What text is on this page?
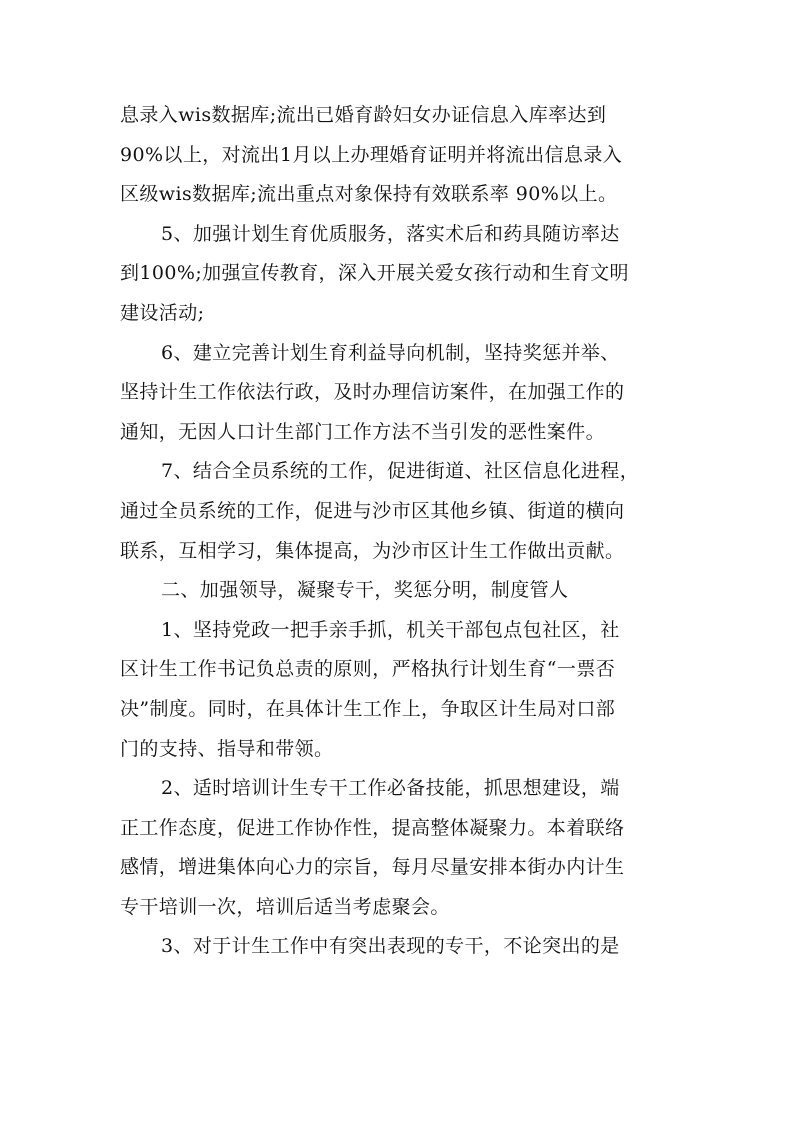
息录入wis数据库;流出已婚育龄妇女办证信息入库率达到
90%以上，对流出1月以上办理婚育证明并将流出信息录入
区级wis数据库;流出重点对象保持有效联系率 90%以上。
5、加强计划生育优质服务，落实术后和药具随访率达
到100%;加强宣传教育，深入开展关爱女孩行动和生育文明
建设活动;
6、建立完善计划生育利益导向机制，坚持奖惩并举、
坚持计生工作依法行政，及时办理信访案件，在加强工作的
通知，无因人口计生部门工作方法不当引发的恶性案件。
7、结合全员系统的工作，促进街道、社区信息化进程，
通过全员系统的工作，促进与沙市区其他乡镇、街道的横向
联系，互相学习，集体提高，为沙市区计生工作做出贡献。
二、加强领导，凝聚专干，奖惩分明，制度管人
1、坚持党政一把手亲手抓，机关干部包点包社区，社
区计生工作书记负总责的原则，严格执行计划生育“一票否
决”制度。同时，在具体计生工作上，争取区计生局对口部
门的支持、指导和带领。
2、适时培训计生专干工作必备技能，抓思想建设，端
正工作态度，促进工作协作性，提高整体凝聚力。本着联络
感情，增进集体向心力的宗旨，每月尽量安排本街办内计生
专干培训一次，培训后适当考虑聚会。
3、对于计生工作中有突出表现的专干，不论突出的是
